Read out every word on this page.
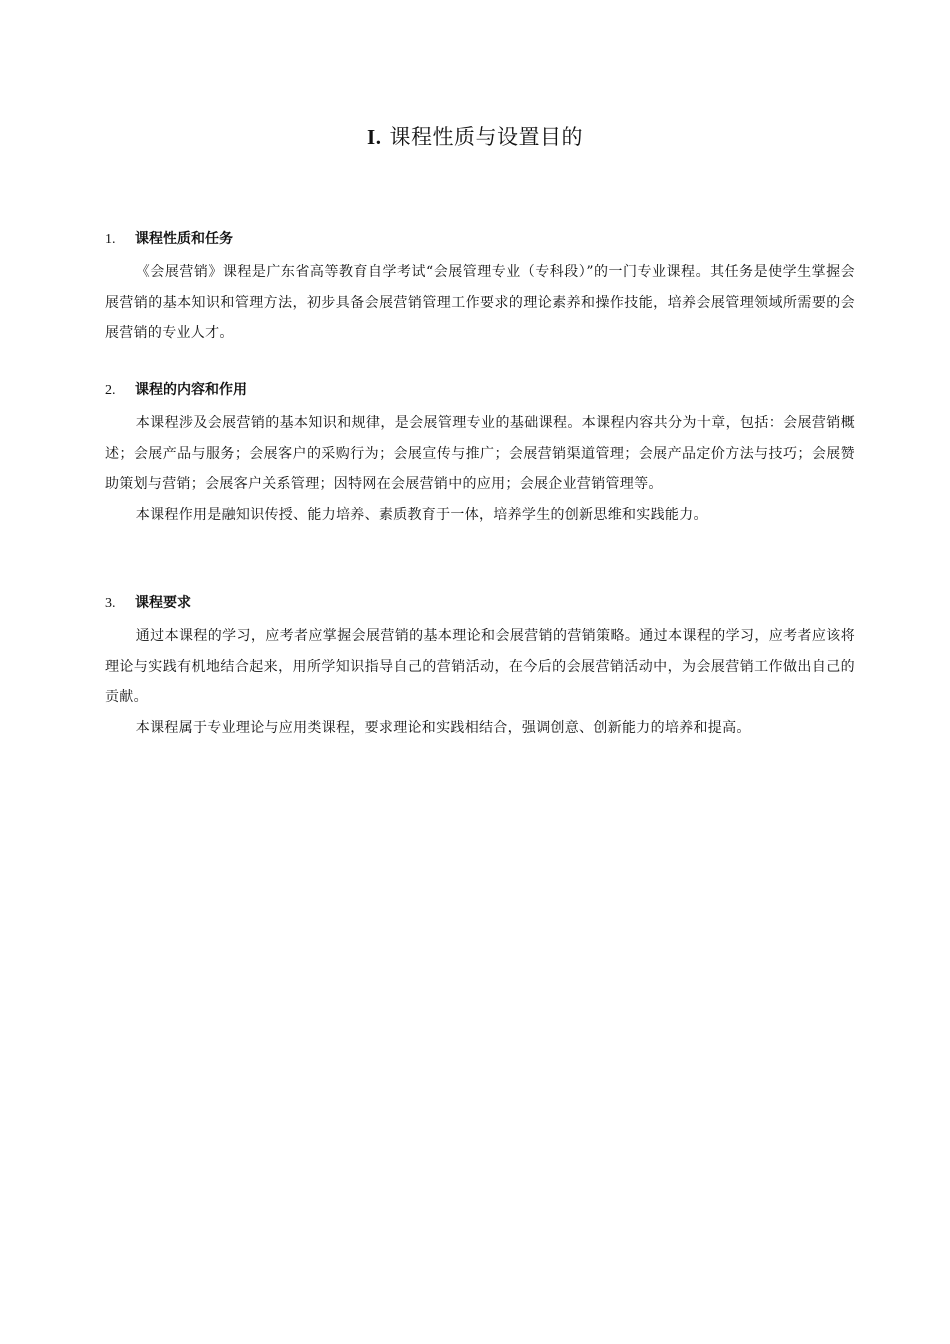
I. 课程性质与设置目的
1. 课程性质和任务

《会展营销》课程是广东省高等教育自学考试“会展管理专业（专科段）”的一门专业课程。其任务是使学生掌握会展营销的基本知识和管理方法，初步具备会展营销管理工作要求的理论素养和操作技能，培养会展管理领域所需要的会展营销的专业人才。

2. 课程的内容和作用

本课程涉及会展营销的基本知识和规律，是会展管理专业的基础课程。本课程内容共分为十章，包括：会展营销概述；会展产品与服务；会展客户的采购行为；会展宣传与推广；会展营销渠道管理；会展产品定价方法与技巧；会展赞助策划与营销；会展客户关系管理；因特网在会展营销中的应用；会展企业营销管理等。

本课程作用是融知识传授、能力培养、素质教育于一体，培养学生的创新思维和实践能力。

3. 课程要求

通过本课程的学习，应考者应掌握会展营销的基本理论和会展营销的营销策略。通过本课程的学习，应考者应该将理论与实践有机地结合起来，用所学知识指导自己的营销活动，在今后的会展营销活动中，为会展营销工作做出自己的贡献。

本课程属于专业理论与应用类课程，要求理论和实践相结合，强调创意、创新能力的培养和提高。
